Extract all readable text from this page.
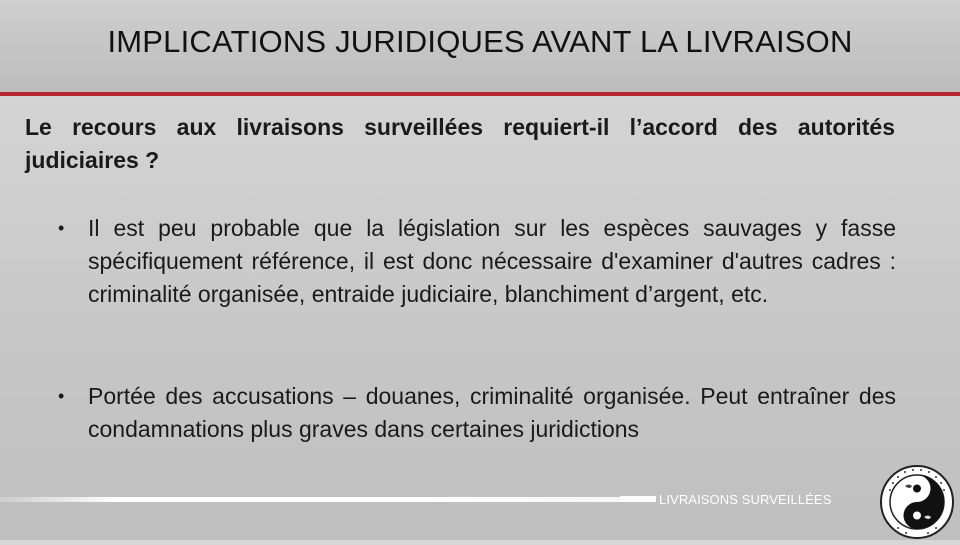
IMPLICATIONS JURIDIQUES AVANT LA LIVRAISON
Le recours aux livraisons surveillées requiert-il l’accord des autorités judiciaires ?
• Il est peu probable que la législation sur les espèces sauvages y fasse spécifiquement référence, il est donc nécessaire d'examiner d'autres cadres : criminalité organisée, entraide judiciaire, blanchiment d’argent, etc.
• Portée des accusations – douanes, criminalité organisée. Peut entraîner des condamnations plus graves dans certaines juridictions
LIVRAISONS SURVEILLÉES
